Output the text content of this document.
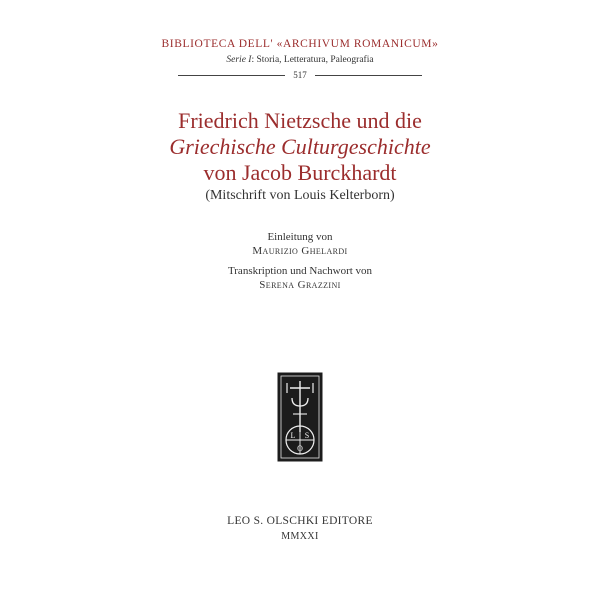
BIBLIOTECA DELL' «ARCHIVUM ROMANICUM»
Serie I: Storia, Letteratura, Paleografia
517
Friedrich Nietzsche und die
Griechische Culturgeschichte
von Jacob Burckhardt
(Mitschrift von Louis Kelterborn)
Einleitung von
Maurizio Ghelardi
Transkription und Nachwort von
Serena Grazzini
L S
O
LEO S. OLSCHKI EDITORE
MMXXI
